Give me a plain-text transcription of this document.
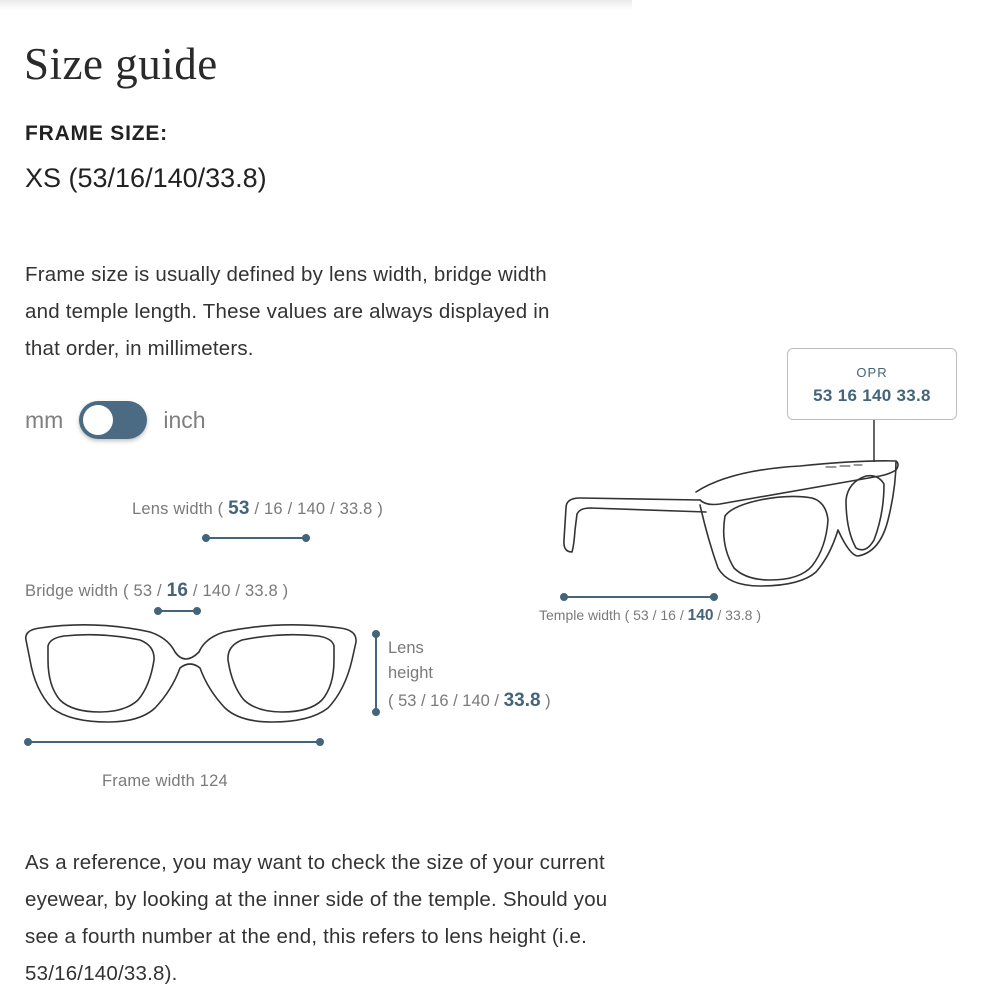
Size guide
FRAME SIZE:
XS (53/16/140/33.8)
Frame size is usually defined by lens width, bridge width and temple length. These values are always displayed in that order, in millimeters.
mm	inch
Lens width ( 53 / 16 / 140 / 33.8 )
Bridge width ( 53 / 16 / 140 / 33.8 )
Lens
height
( 53 / 16 / 140 / 33.8 )
Frame width 124
Temple width ( 53 / 16 / 140 / 33.8 )
OPR
53 16 140 33.8
As a reference, you may want to check the size of your current eyewear, by looking at the inner side of the temple. Should you see a fourth number at the end, this refers to lens height (i.e. 53/16/140/33.8).
